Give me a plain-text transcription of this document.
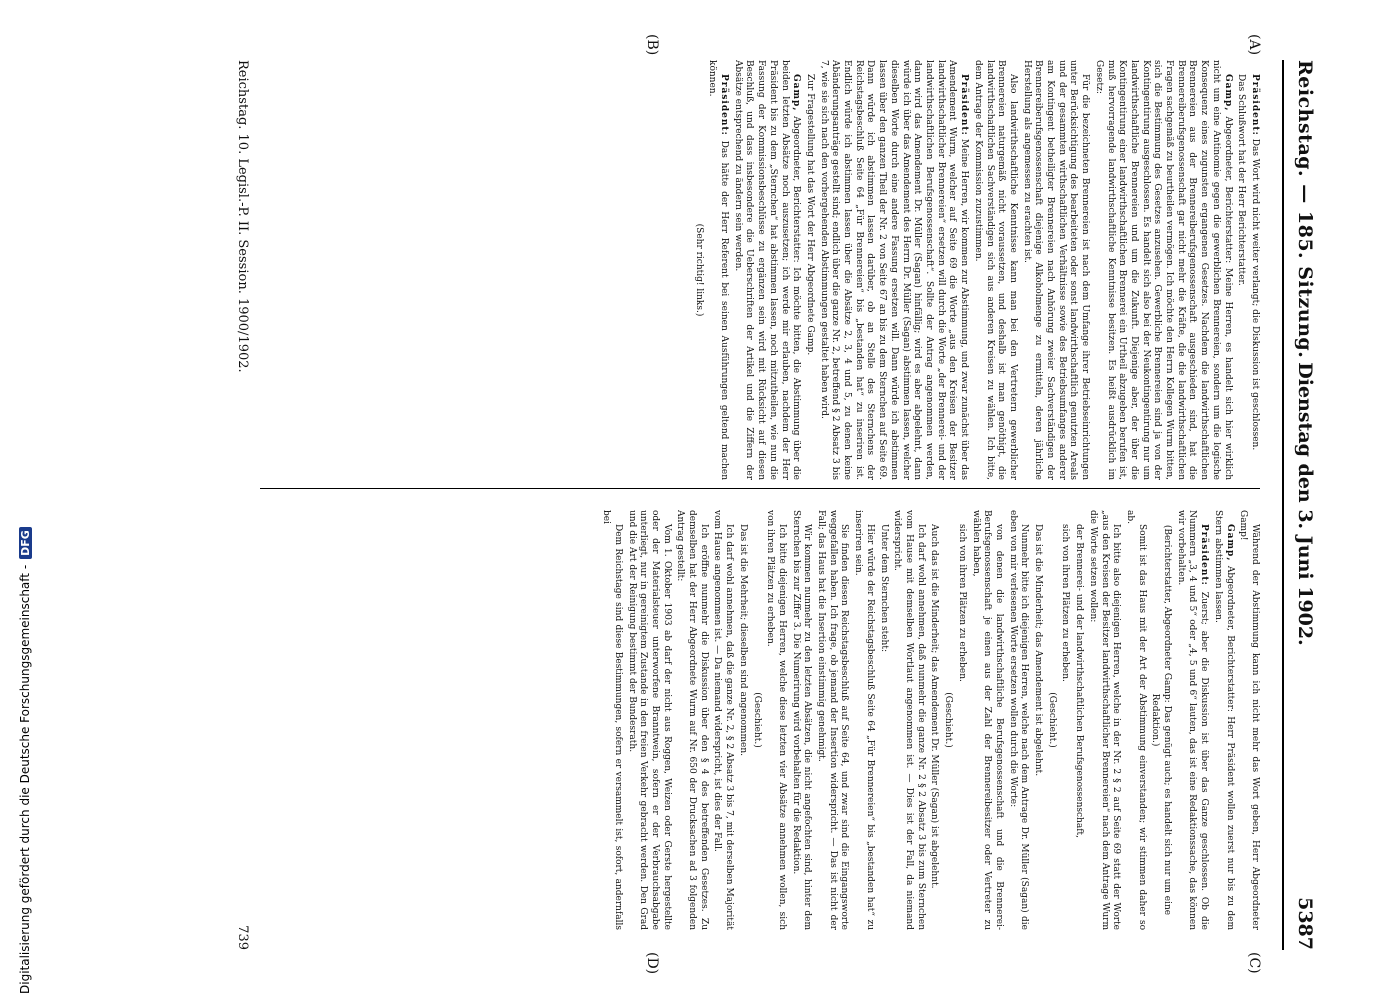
Digitalisierung gefördert durch die Deutsche Forschungsgemeinschaft -DFG
Reichstag. — 185. Sitzung.
Dienstag den 3. Juni 1902.                                      5387
(A)
(B)
(C)
(D)

Präsident: Das Wort wird nicht weiter verlangt; die Diskussion ist geschlossen.

Das Schlußwort hat der Herr Berichterstatter.

Gamp, Abgeordneter, Berichterstatter: Meine Herren, es handelt sich hier wirklich nicht um eine Antinomie gegen die gewerblichen Brennereien, sondern um die logische Konsequenz eines zugunsten ergangenen Gesetzes. Nachdem die landwirthschaftlichen Brennereien aus der Brennereiberufsgenossenschaft ausgeschieden sind, hat die Brennereiberufsgenossenschaft gar nicht mehr die Kräfte, die die landwirthschaftlichen Fragen sachgemäß zu beurtheilen vermögen. Ich möchte den Herrn Kollegen Wurm bitten, sich die Bestimmung des Gesetzes anzusehen. Gewerbliche Brennereien sind ja von der Kontingentirung ausgeschlossen. Es handelt sich also bei der Neukontingentirung nur um landwirthschaftliche Brennereien und um die Zukunft. Diejenige aber, der über die Kontingentirung einer landwirthschaftlichen Brennerei ein Urtheil abzugeben berufen ist, muß hervorragende landwirthschaftliche Kenntnisse besitzen. Es heißt ausdrücklich im Gesetz:

Für die bezeichneten Brennereien ist nach dem Umfange ihrer Betriebseinrichtungen unter Berücksichtigung des bearbeiteten oder sonst landwirthschaftlich genutzten Areals und der gesammten wirthschaftlichen Verhältnisse sowie des Betriebsumfanges anderer am Kontingent betheiligter Brennereien nach Anhörung zweier Sachverständigen der Brennereiberufsgenossenschaft diejenige Alkoholmenge zu ermitteln, deren jährliche Herstellung als angemessen zu erachten ist.

Also landwirthschaftliche Kenntnisse kann man bei den Vertretern gewerblicher Brennereien naturgemäß nicht voraussetzen, und deshalb ist man genöthigt, die landwirthschaftlichen Sachverständigen sich aus anderen Kreisen zu wählen. Ich bitte, dem Antrage der Kommission zuzustimmen.

Präsident: Meine Herren, wir kommen zur Abstimmung, und zwar zunächst über das Amendement Wurm, welcher auf Seite 69 die Worte „aus den Kreisen der Besitzer landwirthschaftlicher Brennereien“ ersetzen will durch die Worte „der Brennerei- und der landwirthschaftlichen Berufsgenossenschaft“. Sollte der Antrag angenommen werden, dann wird das Amendement Dr. Müller (Sagan) hinfällig; wird es aber abgelehnt, dann würde ich über das Amendement des Herrn Dr. Müller (Sagan) abstimmen lassen, welcher dieselben Worte durch eine andere Fassung ersetzen will. Dann würde ich abstimmen lassen über den ganzen Theil der Nr. 2 von Seite 67 an bis zu dem Sternchen auf Seite 69. Dann würde ich abstimmen lassen darüber, ob an Stelle des Sternchens der Reichstagsbeschluß Seite 64 „Für Brennereien“ bis „bestanden hat“ zu inseriren ist. Endlich würde ich abstimmen lassen über die Absätze 2, 3, 4 und 5, zu denen keine Abänderungsanträge gestellt sind; endlich über die ganze Nr. 2, betreffend § 2 Absatz 3 bis 7, wie sie sich nach den vorhergehenden Abstimmungen gestaltet haben wird.

Zur Fragestellung hat das Wort der Herr Abgeordnete Gamp.

Gamp, Abgeordneter, Berichterstatter: Ich möchte bitten, die Abstimmung über die beiden letzten Absätze noch auszusetzen; ich werde mir erlauben, nachdem der Herr Präsident bis zu dem „Sternchen“ hat abstimmen lassen, noch mitzutheilen, wie nun die Fassung der Kommissionsbeschlüsse zu ergänzen sein wird mit Rücksicht auf diesen Beschluß, und dass insbesondere die Ueberschriften der Artikel und die Ziffern der Absätze entsprechend zu ändern sein werden.

Präsident: Das hätte der Herr Referent bei seinen Ausführungen geltend machen können.

(Sehr richtig! links.)

Während der Abstimmung kann ich nicht mehr das Wort geben, Herr Abgeordneter Gamp!

Gamp, Abgeordneter, Berichterstatter: Herr Präsident wollen zuerst nur bis zu dem Stern abstimmen lassen.

Präsident: Zuerst; aber die Diskussion ist über das Ganze geschlossen. Ob die Nummern „3, 4 und 5“ oder „4, 5 und 6“ lauten, das ist eine Redaktionssache, das können wir vorbehalten.

(Berichterstatter, Abgeordneter Gamp: Das genügt auch; es handelt sich nur um eine Redaktion.)

Somit ist das Haus mit der Art der Abstimmung einverstanden; wir stimmen daher so ab.

Ich bitte also diejenigen Herren, welche in der Nr. 2 § 2 auf Seite 69 statt der Worte „aus den Kreisen der Besitzer landwirthschaftlicher Brennereien“ nach dem Antrage Wurm die Worte setzen wollen:

der Brennerei- und der landwirthschaftlichen Berufsgenossenschaft,

sich von ihren Plätzen zu erheben.

(Geschieht.)

Das ist die Minderheit; das Amendement ist abgelehnt.

Nunmehr bitte ich diejenigen Herren, welche nach dem Antrage Dr. Müller (Sagan) die eben von mir verlesenen Worte ersetzen wollen durch die Worte:

von denen die landwirthschaftliche Berufsgenossenschaft und die Brennerei-Berufsgenossenschaft je einen aus der Zahl der Brennereibesitzer oder Vertreter zu wählen haben,

sich von ihren Plätzen zu erheben.

(Geschieht.)

Auch das ist die Minderheit; das Amendement Dr. Müller (Sagan) ist abgelehnt.

Ich darf wohl annehmen, daß nunmehr die ganze Nr. 2 § 2 Absatz 3 bis zum Sternchen vom Hause mit demselben Wortlaut angenommen ist. — Dies ist der Fall, da niemand widerspricht.

Unter dem Sternchen steht:

Hier würde der Reichstagsbeschluß Seite 64 „Für Brennereien“ bis „bestanden hat“ zu inseriren sein.

Sie finden diesen Reichstagsbeschluß auf Seite 64, und zwar sind die Eingangsworte weggefallen haben. Ich frage, ob jemand der Insertion widerspricht. — Das ist nicht der Fall; das Haus hat die Insertion einstimmig genehmigt.

Wir kommen nunmehr zu den letzten Absätzen, die nicht angefochten sind, hinter dem Sternchen bis zur Ziffer 3. Die Numerirung wird vorbehalten für die Redaktion.

Ich bitte diejenigen Herren, welche diese letzten vier Absätze annehmen wollen, sich von ihren Plätzen zu erheben.

(Geschieht.)

Das ist die Mehrheit; dieselben sind angenommen.

Ich darf wohl annehmen, daß die ganze Nr. 2, § 2 Absatz 3 bis 7, mit derselben Majorität vom Hause angenommen ist. — Da niemand widerspricht, ist dies der Fall.

Ich eröffne nunmehr die Diskussion über den § 4 des betreffenden Gesetzes. Zu demselben hat der Herr Abgeordnete Wurm auf Nr. 650 der Drucksachen ad 3 folgenden Antrag gestellt:

Vom 1. Oktober 1903 ab darf der nicht aus Roggen, Weizen oder Gerste hergestellte oder der Materialsteuer unterworfene Branntwein, sofern er der Verbrauchsabgabe unterliegt, nur in gereinigtem Zustande in den freien Verkehr gebracht werden. Den Grad und die Art der Reinigung bestimmt der Bundesrath.

Dem Reichstage sind diese Bestimmungen, sofern er versammelt ist, sofort, andernfalls bei

Reichstag. 10. Legisl.-P. II. Session. 1900/1902.
739
